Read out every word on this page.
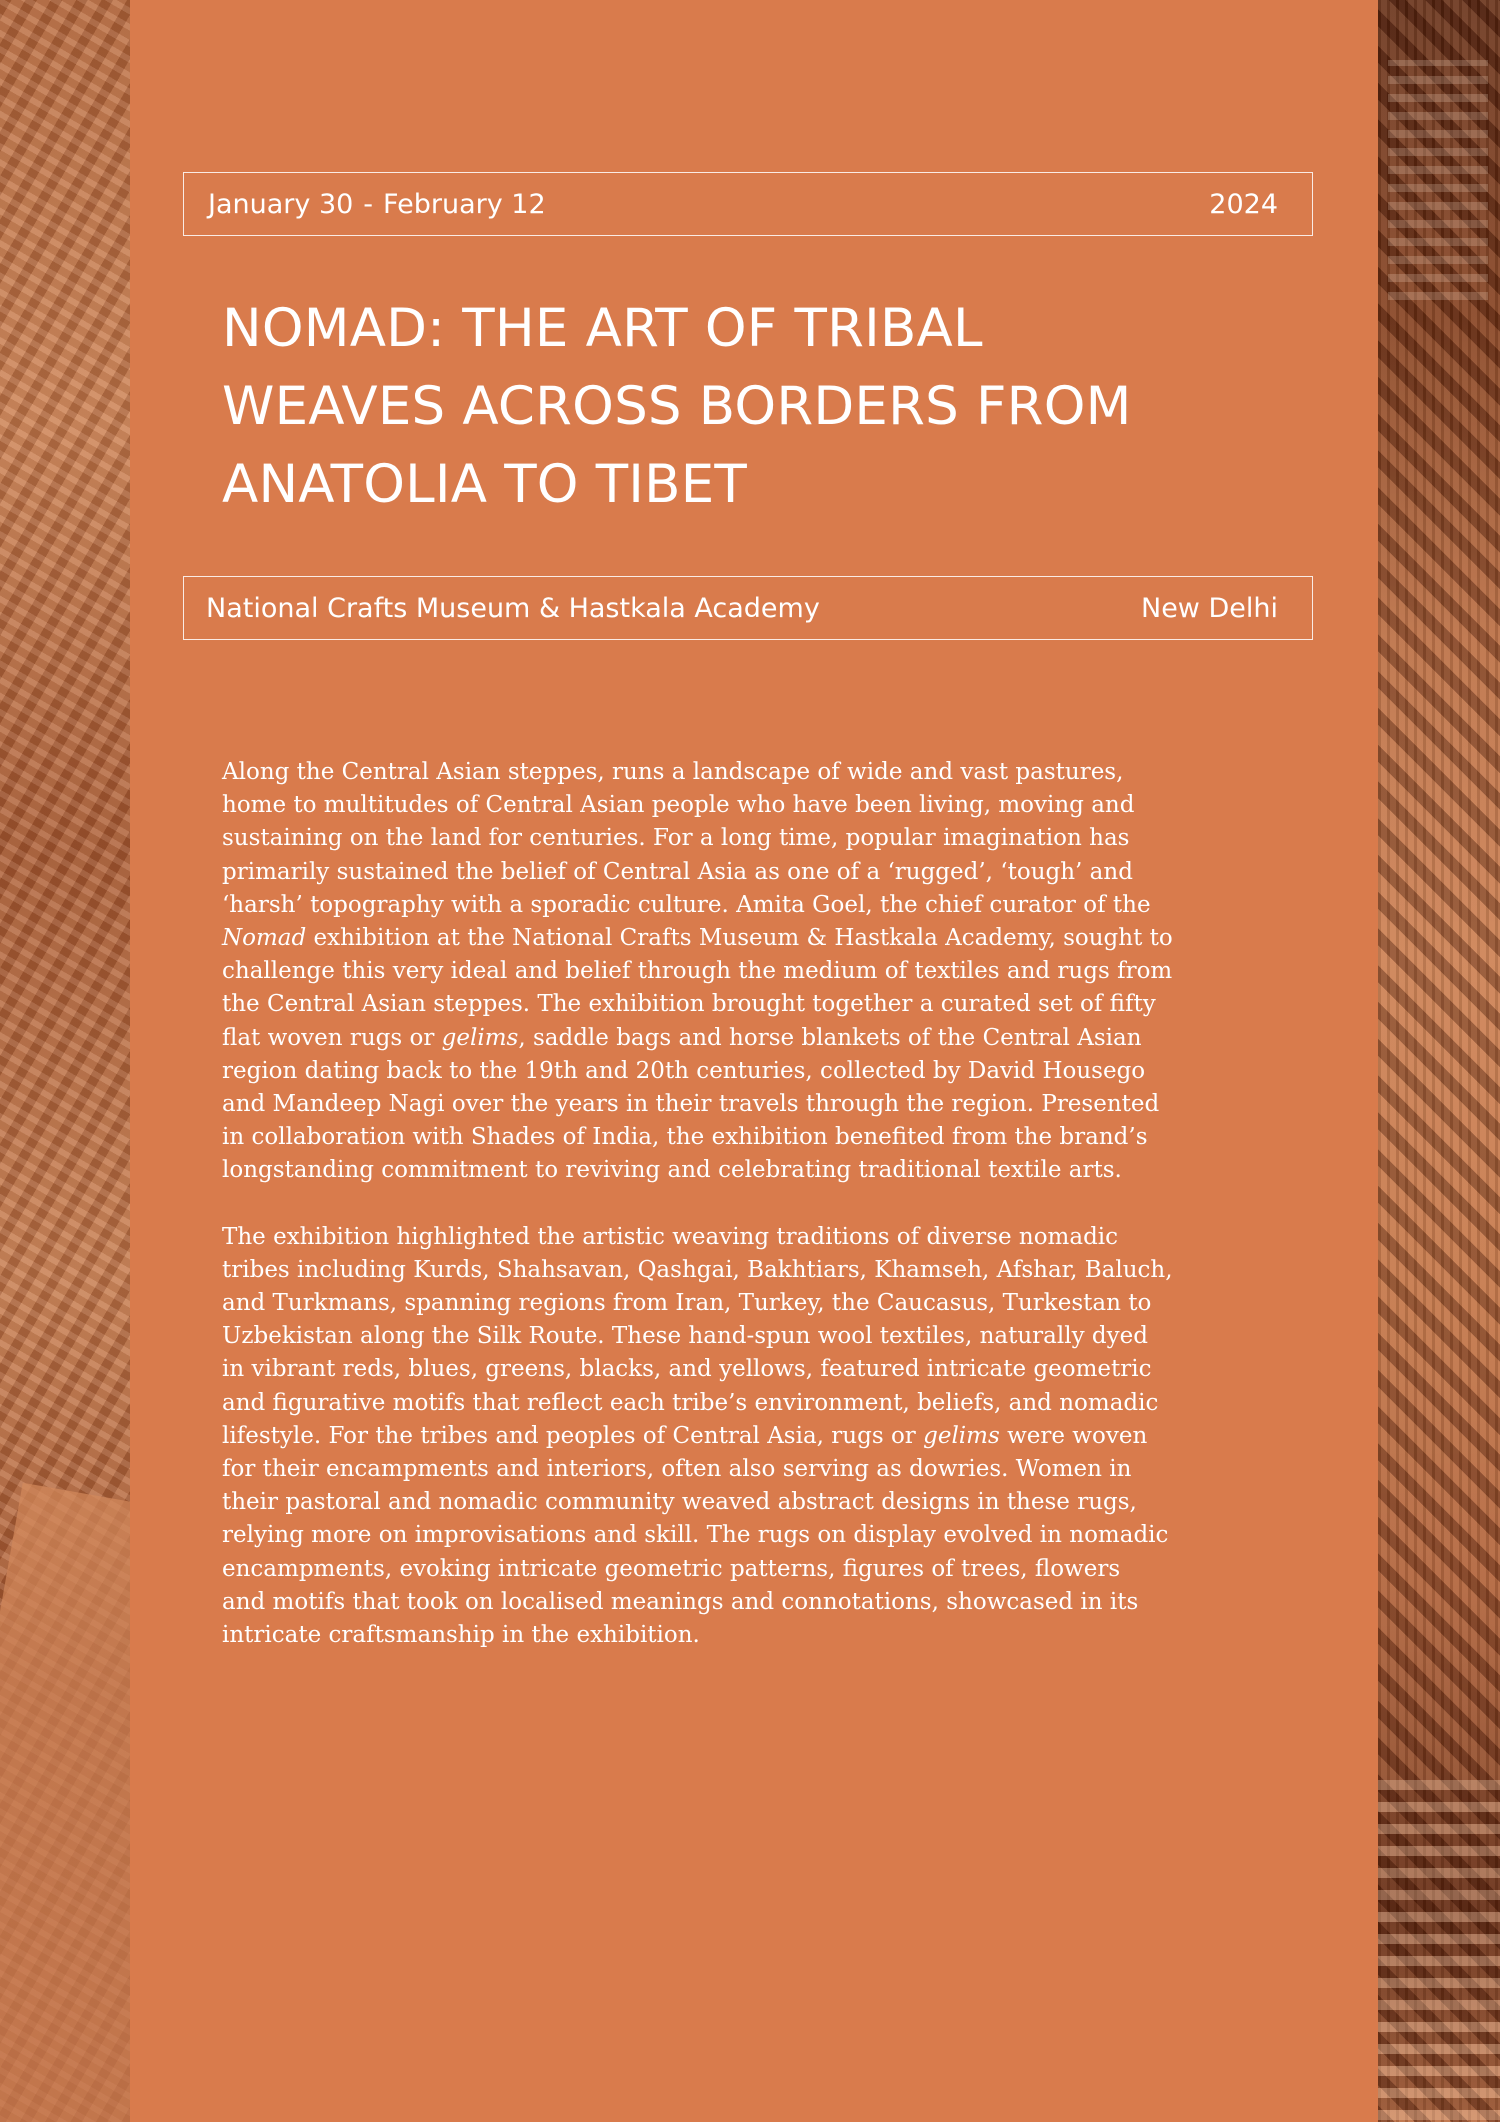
January 30 - February 12	2024
NOMAD: THE ART OF TRIBAL
WEAVES ACROSS BORDERS FROM
ANATOLIA TO TIBET
National Crafts Museum & Hastkala Academy	New Delhi

Along the Central Asian steppes, runs a landscape of wide and vast pastures,
home to multitudes of Central Asian people who have been living, moving and
sustaining on the land for centuries. For a long time, popular imagination has
primarily sustained the belief of Central Asia as one of a ‘rugged’, ‘tough’ and
‘harsh’ topography with a sporadic culture. Amita Goel, the chief curator of the
Nomad exhibition at the National Crafts Museum & Hastkala Academy, sought to
challenge this very ideal and belief through the medium of textiles and rugs from
the Central Asian steppes. The exhibition brought together a curated set of fifty
flat woven rugs or gelims, saddle bags and horse blankets of the Central Asian
region dating back to the 19th and 20th centuries, collected by David Housego
and Mandeep Nagi over the years in their travels through the region. Presented
in collaboration with Shades of India, the exhibition benefited from the brand’s
longstanding commitment to reviving and celebrating traditional textile arts.

The exhibition highlighted the artistic weaving traditions of diverse nomadic
tribes including Kurds, Shahsavan, Qashgai, Bakhtiars, Khamseh, Afshar, Baluch,
and Turkmans, spanning regions from Iran, Turkey, the Caucasus, Turkestan to
Uzbekistan along the Silk Route. These hand-spun wool textiles, naturally dyed
in vibrant reds, blues, greens, blacks, and yellows, featured intricate geometric
and figurative motifs that reflect each tribe’s environment, beliefs, and nomadic
lifestyle. For the tribes and peoples of Central Asia, rugs or gelims were woven
for their encampments and interiors, often also serving as dowries. Women in
their pastoral and nomadic community weaved abstract designs in these rugs,
relying more on improvisations and skill. The rugs on display evolved in nomadic
encampments, evoking intricate geometric patterns, figures of trees, flowers
and motifs that took on localised meanings and connotations, showcased in its
intricate craftsmanship in the exhibition.
